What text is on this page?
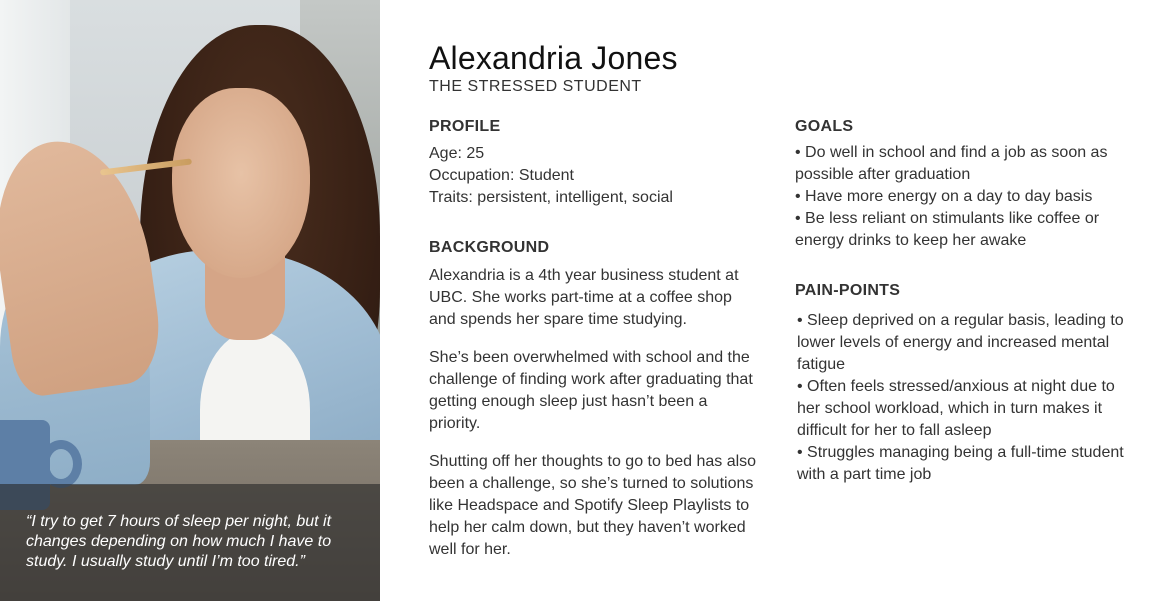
“I try to get 7 hours of sleep per night, but it changes depending on how much I have to study. I usually study until I’m too tired.”

Alexandria Jones
THE STRESSED STUDENT
PROFILE
Age: 25
Occupation: Student
Traits: persistent, intelligent, social
BACKGROUND

Alexandria is a 4th year business student at UBC. She works part-time at a coffee shop and spends her spare time studying.

She’s been overwhelmed with school and the challenge of finding work after graduating that getting enough sleep just hasn’t been a priority.

Shutting off her thoughts to go to bed has also been a challenge, so she’s turned to solutions like Headspace and Spotify Sleep Playlists to help her calm down, but they haven’t worked well for her.

GOALS
• Do well in school and find a job as soon as possible after graduation
• Have more energy on a day to day basis
• Be less reliant on stimulants like coffee or energy drinks to keep her awake
PAIN-POINTS
• Sleep deprived on a regular basis, leading to lower levels of energy and increased mental fatigue
• Often feels stressed/anxious at night due to her school workload, which in turn makes it difficult for her to fall asleep
• Struggles managing being a full-time student with a part time job
